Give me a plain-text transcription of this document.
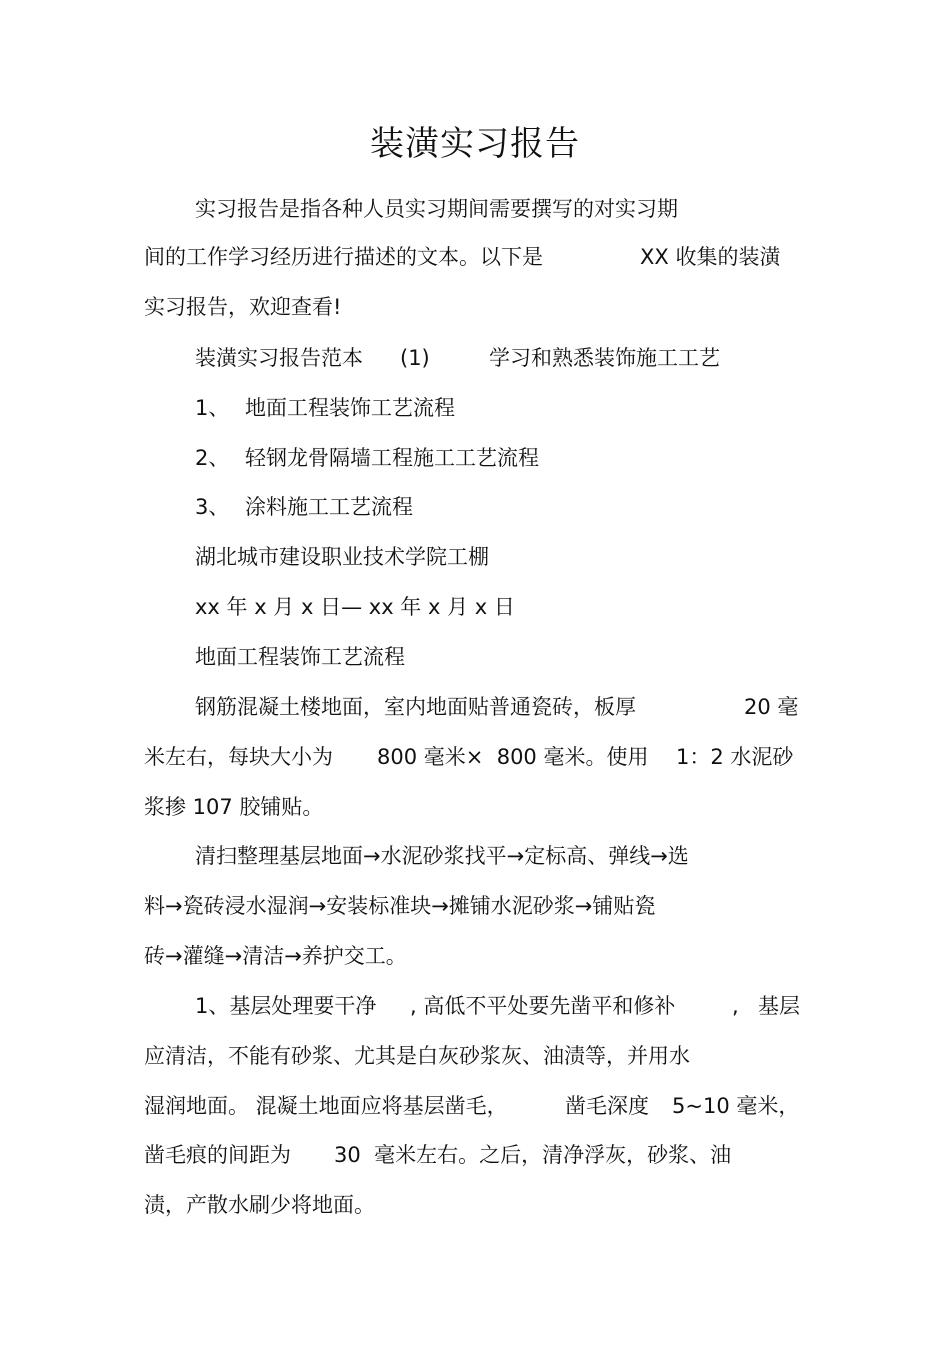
装潢实习报告

实习报告是指各种人员实习期间需要撰写的对实习期

间的工作学习经历进行描述的文本。以下是

	XX 收集的装潢

实习报告，欢迎查看!

装潢实习报告范本

(1)

	学习和熟悉装饰施工工艺

1、

地面工程装饰工艺流程

2、

轻钢龙骨隔墙工程施工工艺流程

3、

涂料施工工艺流程

湖北城市建设职业技术学院工棚

xx 年 x 月 x 日— xx 年 x 月 x 日

地面工程装饰工艺流程

钢筋混凝土楼地面，室内地面贴普通瓷砖，板厚

	20 毫

米左右，每块大小为

800 毫米×  800 毫米。使用

1：2 水泥砂

浆掺 107 胶铺贴。

清扫整理基层地面→水泥砂浆找平→定标高、弹线→选

料→瓷砖浸水湿润→安装标准块→摊铺水泥砂浆→铺贴瓷

砖→灌缝→清洁→养护交工。

1、基层处理要干净

, 高低不平处要先凿平和修补

	,

基层

应清洁，不能有砂浆、尤其是白灰砂浆灰、油渍等，并用水

湿润地面。 混凝土地面应将基层凿毛，

	凿毛深度

5~10 毫米，

凿毛痕的间距为

30  毫米左右。之后，清净浮灰，砂浆、油

渍，产散水刷少将地面。
